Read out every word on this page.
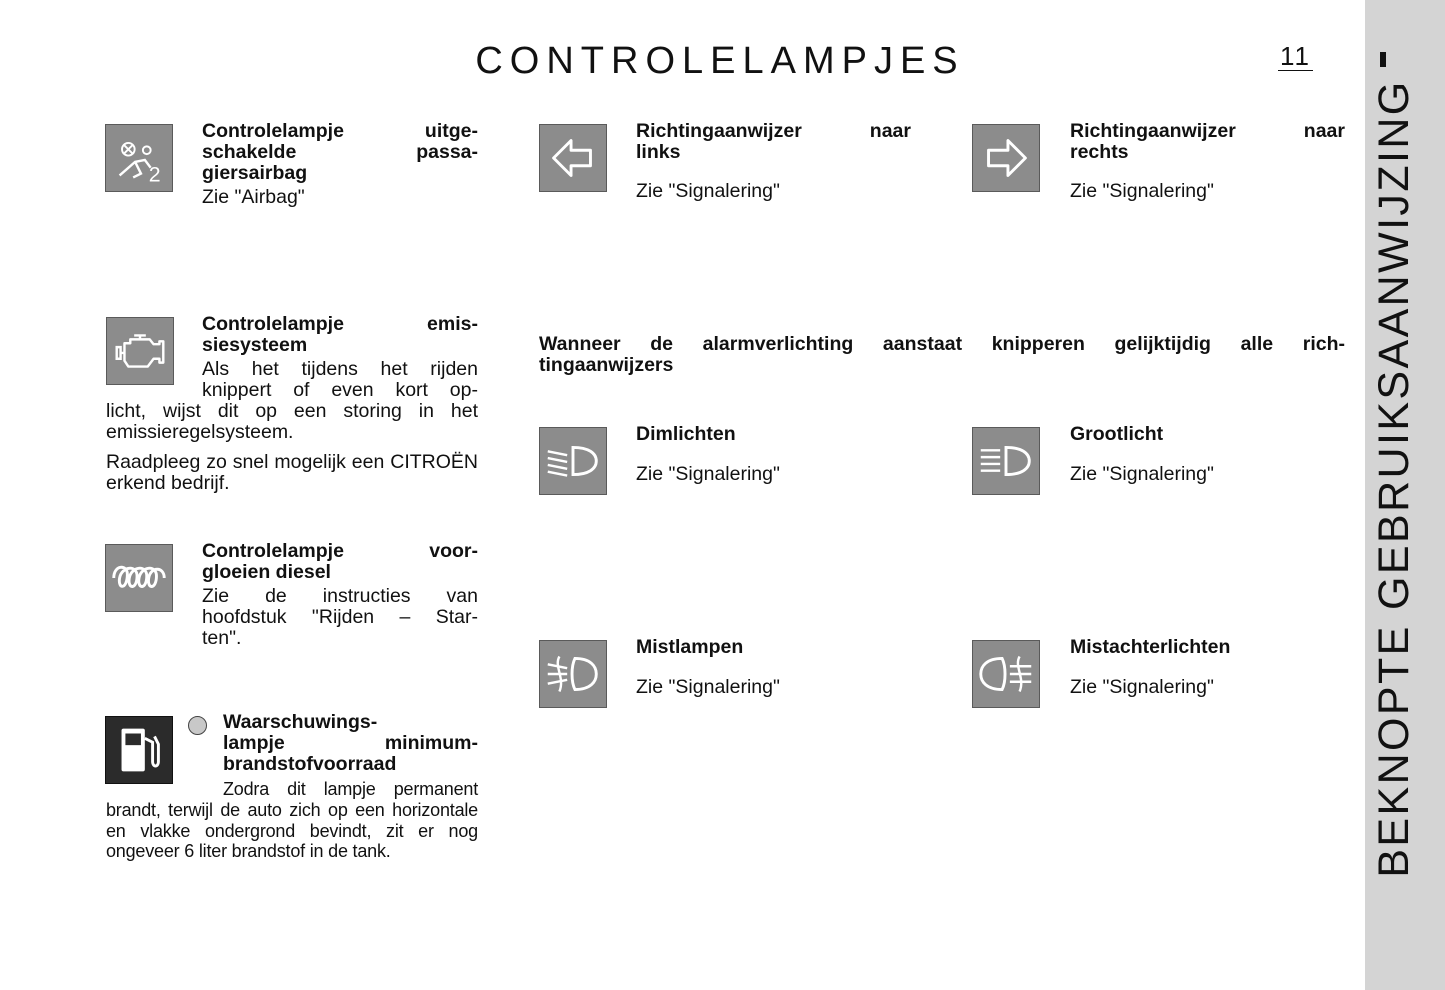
CONTROLELAMPJES	11
BEKNOPTE GEBRUIKSAANWIJZING
2
Controlelampje uitge-
schakelde passa-
giersairbag
Zie "Airbag"
Controlelampje emis-
siesysteem
Als het tijdens het rijden
knippert of even kort op-
licht, wijst dit op een storing in het emissieregelsysteem.
Raadpleeg zo snel mogelijk een CITROËN erkend bedrijf.
Controlelampje voor-
gloeien diesel
Zie de instructies van
hoofdstuk "Rijden – Star-
ten".
Waarschuwings-
lampje minimum-
brandstofvoorraad
Zodra dit lampje permanent
brandt, terwijl de auto zich op een horizontale en vlakke ondergrond bevindt, zit er nog ongeveer 6 liter brandstof in de tank.
Richtingaanwijzer naar
links
Zie "Signalering"
Richtingaanwijzer naar
rechts
Zie "Signalering"
Wanneer de alarmverlichting aanstaat knipperen gelijktijdig alle rich-
tingaanwijzers
Dimlichten
Zie "Signalering"
Grootlicht
Zie "Signalering"
Mistlampen
Zie "Signalering"
Mistachterlichten
Zie "Signalering"
